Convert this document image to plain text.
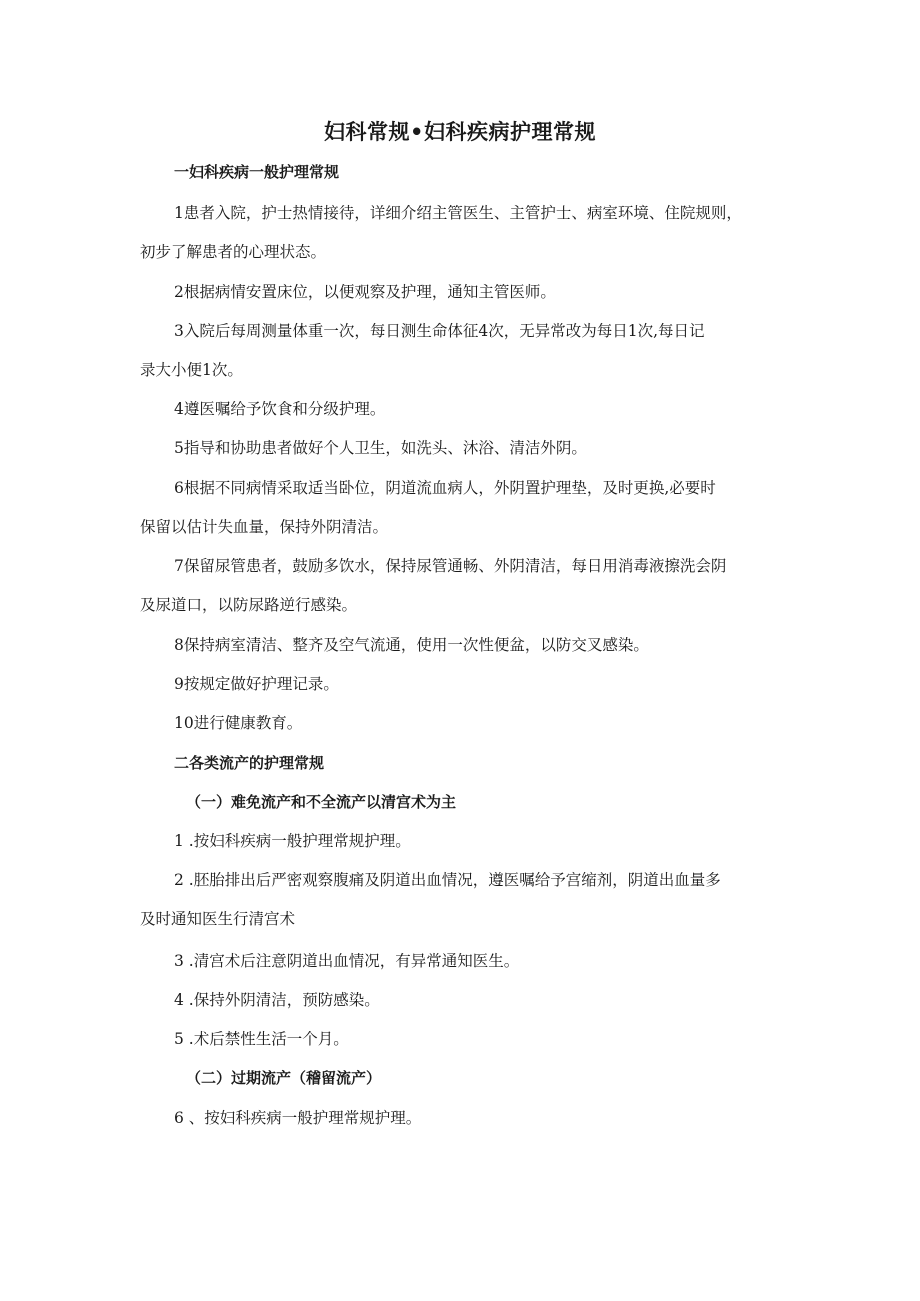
妇科常规•妇科疾病护理常规
一妇科疾病一般护理常规
1患者入院，护士热情接待，详细介绍主管医生、主管护士、病室环境、住院规则，
初步了解患者的心理状态。
2根据病情安置床位，以便观察及护理，通知主管医师。
3入院后每周测量体重一次，每日测生命体征4次，无异常改为每日1次,每日记
录大小便1次。
4遵医嘱给予饮食和分级护理。
5指导和协助患者做好个人卫生，如洗头、沐浴、清洁外阴。
6根据不同病情采取适当卧位，阴道流血病人，外阴置护理垫，及时更换,必要时
保留以估计失血量，保持外阴清洁。
7保留尿管患者，鼓励多饮水，保持尿管通畅、外阴清洁，每日用消毒液擦洗会阴
及尿道口，以防尿路逆行感染。
8保持病室清洁、整齐及空气流通，使用一次性便盆，以防交叉感染。
9按规定做好护理记录。
10进行健康教育。
二各类流产的护理常规
（一）难免流产和不全流产以清宫术为主
1 .按妇科疾病一般护理常规护理。
2 .胚胎排出后严密观察腹痛及阴道出血情况，遵医嘱给予宫缩剂，阴道出血量多
及时通知医生行清宫术
3 .清宫术后注意阴道出血情况，有异常通知医生。
4 .保持外阴清洁，预防感染。
5 .术后禁性生活一个月。
（二）过期流产（稽留流产）
6 、按妇科疾病一般护理常规护理。
